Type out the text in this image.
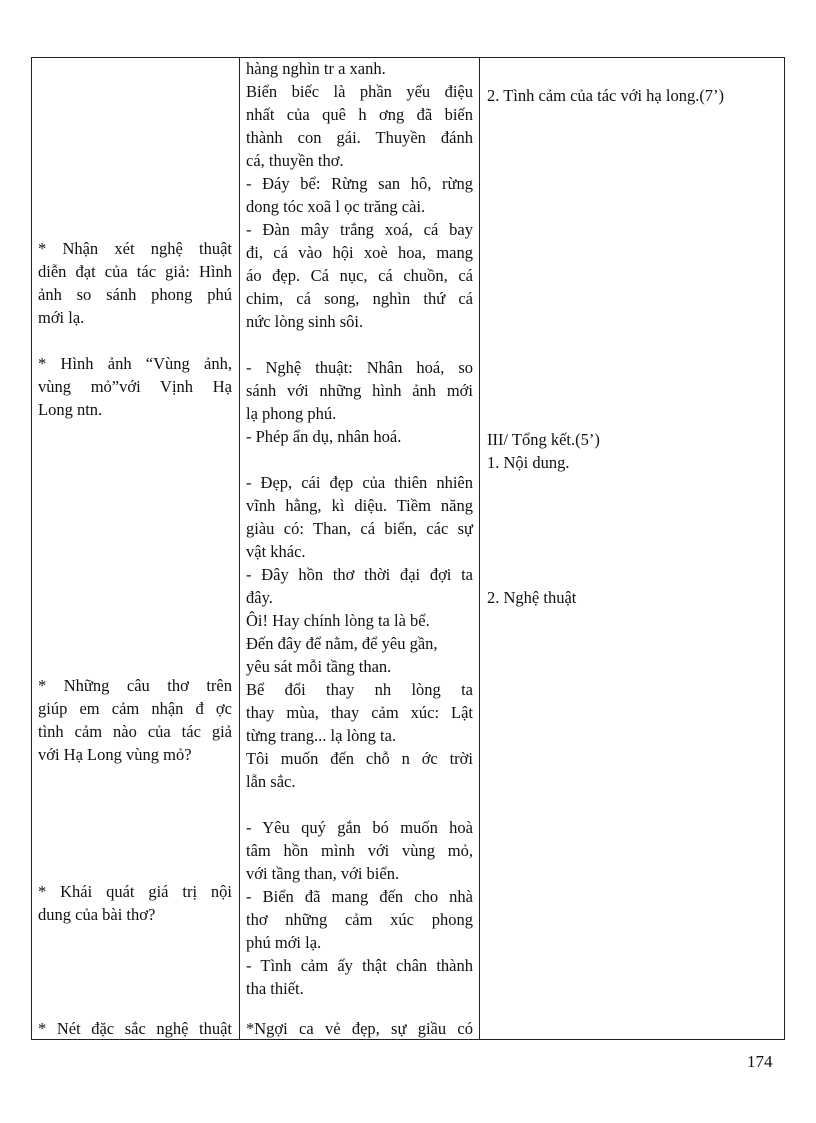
* Nhận xét nghệ thuật

diễn đạt của tác giả: Hình

ảnh so sánh phong phú

mới lạ.

* Hình ảnh “Vùng ảnh,

vùng mỏ”với Vịnh Hạ

Long ntn.

* Những câu thơ trên

giúp em cảm nhận đ ợc

tình cảm nào của tác giả

với Hạ Long vùng mỏ?

* Khái quát giá trị nội

dung của bài thơ?

* Nét đặc sắc nghệ thuật

hàng nghìn tr a xanh.

Biển biếc là phần yểu điệu

nhất của quê h ơng đã biến

thành con gái. Thuyền đánh

cá, thuyền thơ.

- Đáy bể: Rừng san hô, rừng

dong tóc xoã l ọc trăng cài.

- Đàn mây trắng xoá, cá bay

đi, cá vào hội xoè hoa, mang

áo đẹp. Cá nục, cá chuồn, cá

chim, cá song, nghìn thứ cá

nức lòng sinh sôi.

- Nghệ thuật: Nhân hoá, so

sánh với những hình ảnh mới

lạ phong phú.

- Phép ẩn dụ, nhân hoá.

- Đẹp, cái đẹp của thiên nhiên

vĩnh hằng, kì diệu. Tiềm năng

giàu có: Than, cá biển, các sự

vật khác.

- Đây hồn thơ thời đại đợi ta

đây.

Ôi! Hay chính lòng ta là bể.

Đến đây để nằm, để yêu gần,

yêu sát mỗi tầng than.

Bể đổi thay nh lòng ta

thay mùa, thay cảm xúc: Lật

từng trang... lạ lòng ta.

Tôi muốn đến chỗ n ớc trời

lẫn sắc.

- Yêu quý gắn bó muốn hoà

tâm hồn mình với vùng mỏ,

với tầng than, với biển.

- Biển đã mang đến cho nhà

thơ những cảm xúc phong

phú mới lạ.

- Tình cảm ấy thật chân thành

tha thiết.

*Ngợi ca vẻ đẹp, sự giầu có

2. Tình cảm của tác với hạ long.(7’)

III/ Tổng kết.(5’)

1. Nội dung.

2. Nghệ thuật

174
